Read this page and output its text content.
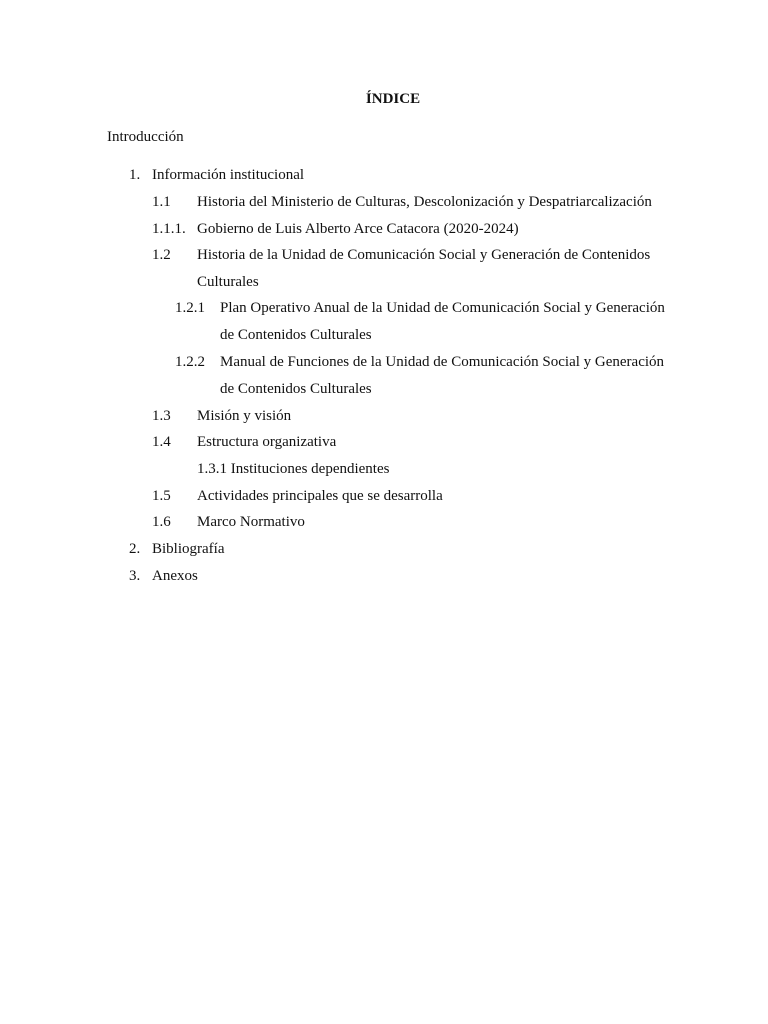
ÍNDICE
Introducción
1. Información institucional
1.1 Historia del Ministerio de Culturas, Descolonización y Despatriarcalización
1.1.1. Gobierno de Luis Alberto Arce Catacora (2020-2024)
1.2 Historia de la Unidad de Comunicación Social y Generación de Contenidos
Culturales
1.2.1 Plan Operativo Anual de la Unidad de Comunicación Social y Generación
de Contenidos Culturales
1.2.2 Manual de Funciones de la Unidad de Comunicación Social y Generación
de Contenidos Culturales
1.3 Misión y visión
1.4 Estructura organizativa
1.3.1 Instituciones dependientes
1.5 Actividades principales que se desarrolla
1.6 Marco Normativo
2. Bibliografía
3. Anexos
